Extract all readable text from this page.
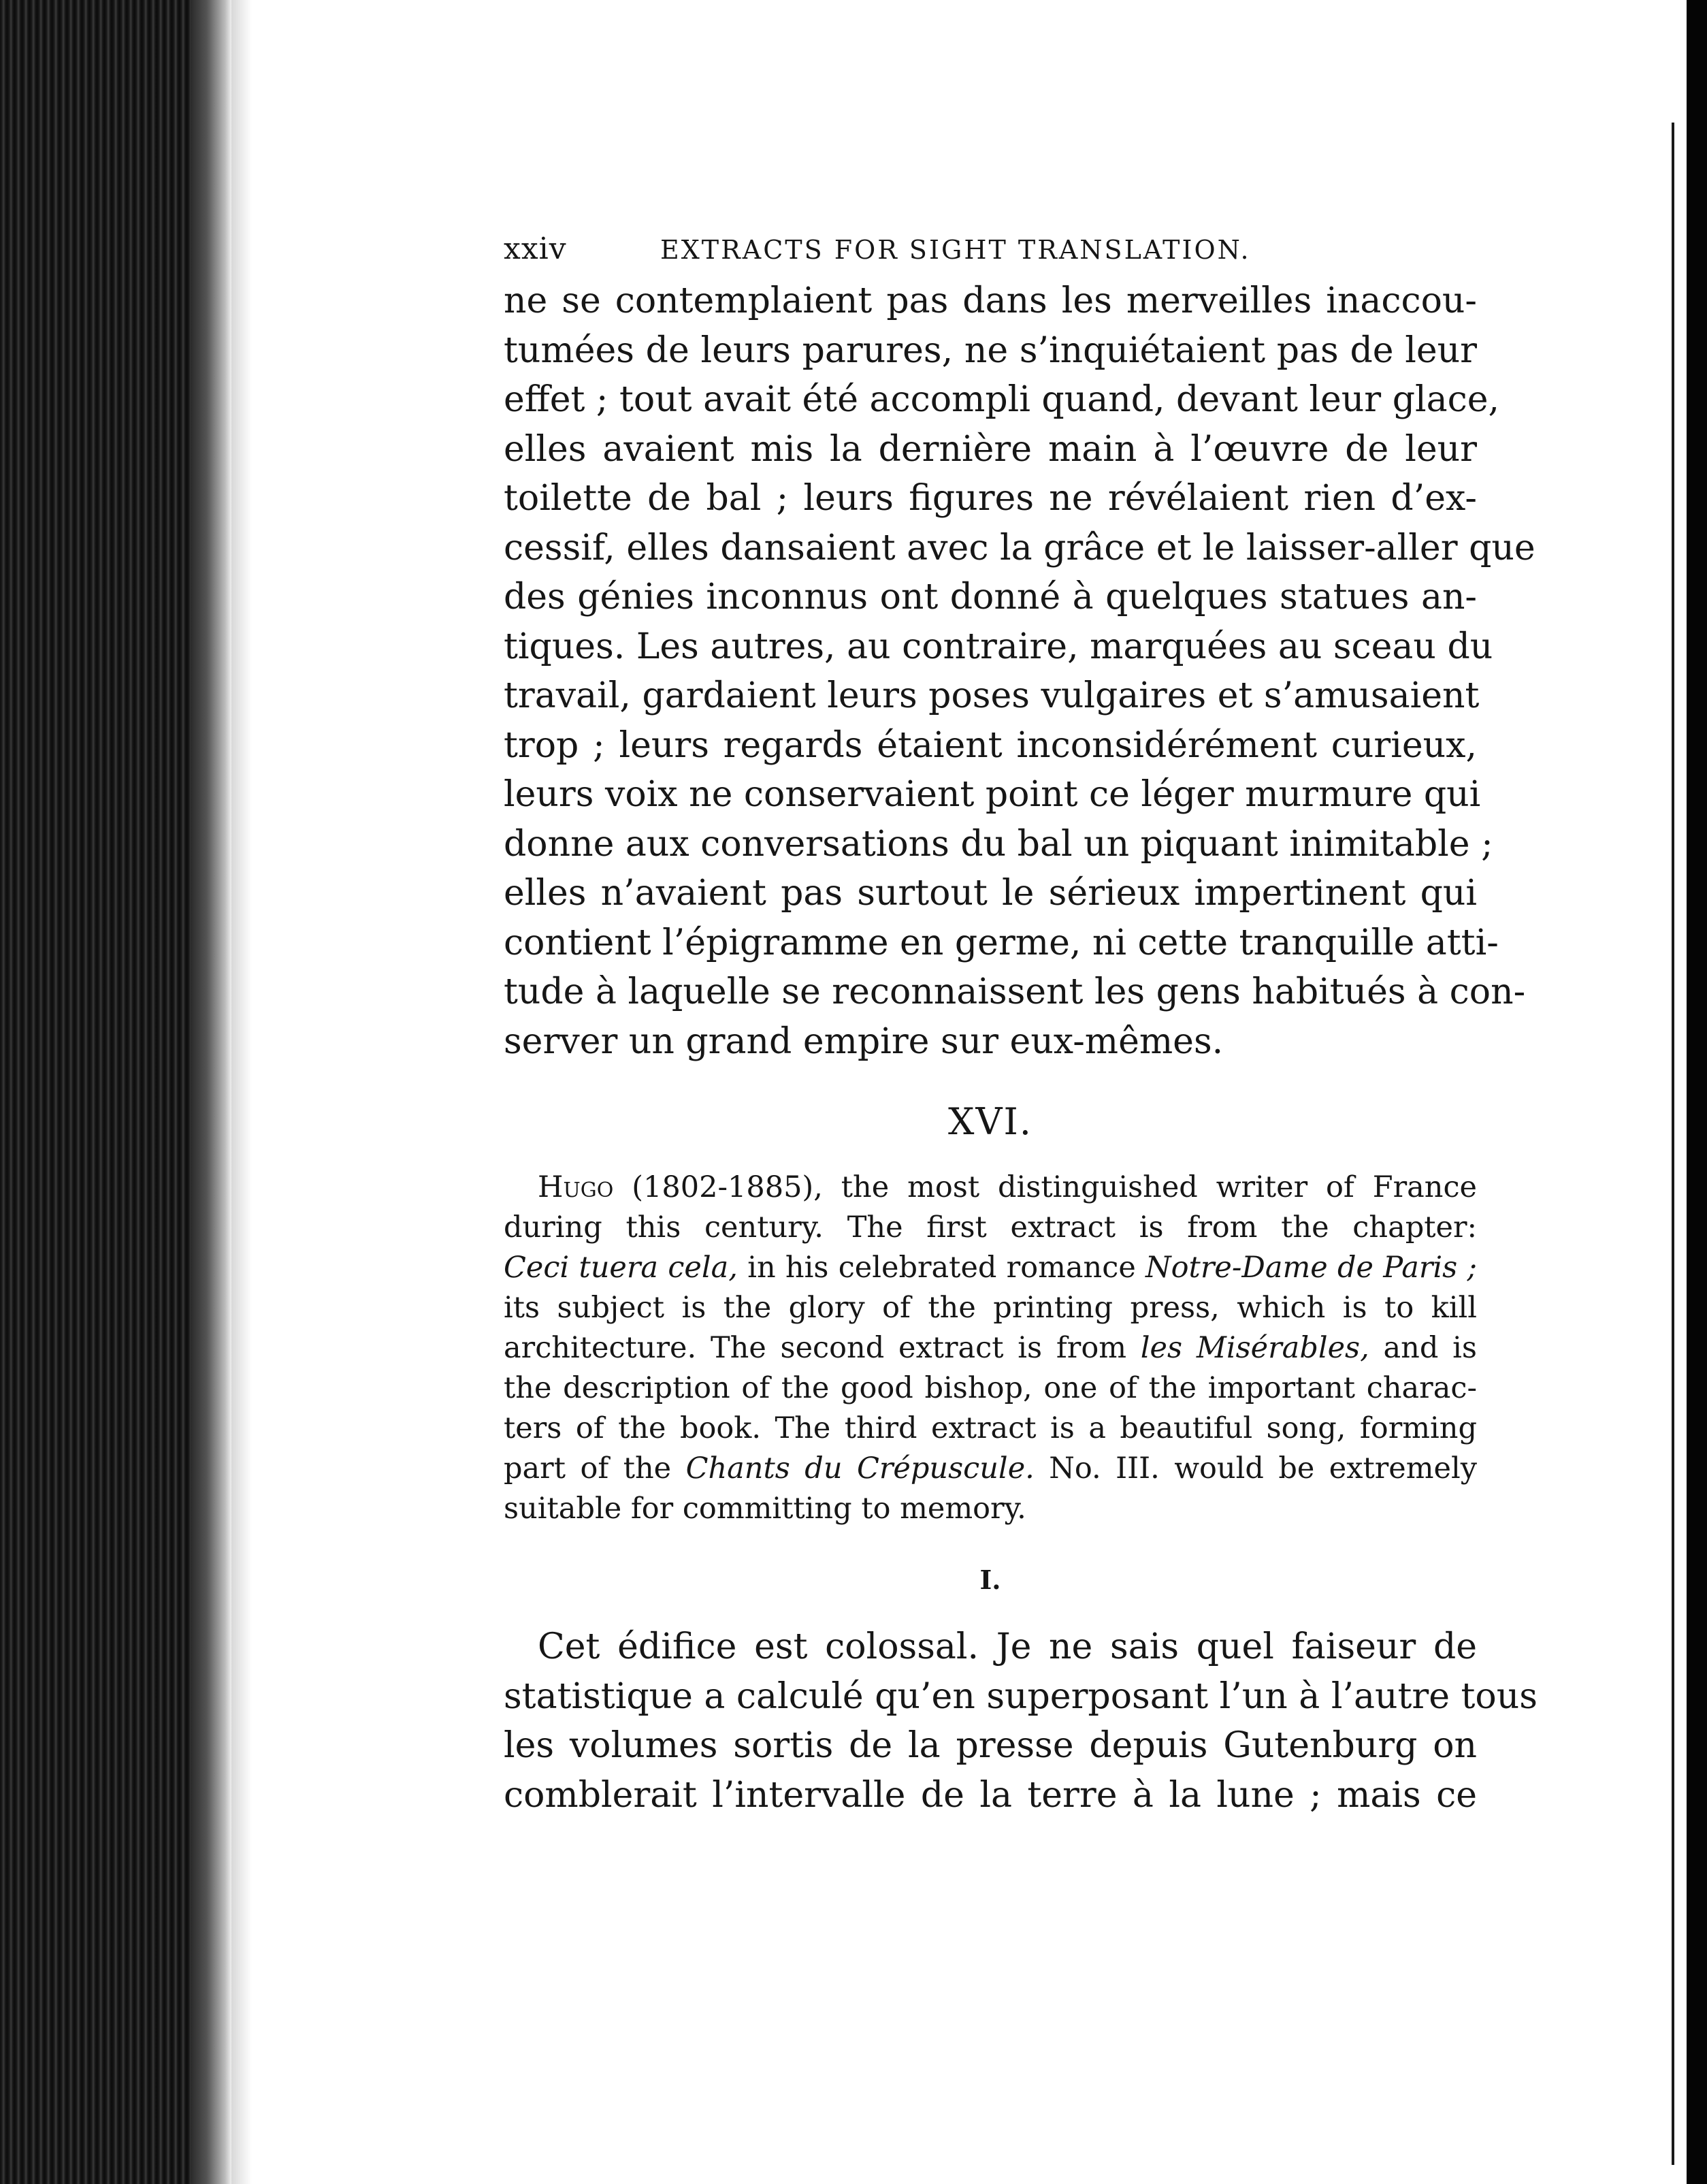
xxiv	EXTRACTS FOR SIGHT TRANSLATION.
ne se contemplaient pas dans les merveilles inaccou-
tumées de leurs parures, ne s’inquiétaient pas de leur
effet ; tout avait été accompli quand, devant leur glace,
elles avaient mis la dernière main à l’œuvre de leur
toilette de bal ; leurs figures ne révélaient rien d’ex-
cessif, elles dansaient avec la grâce et le laisser-aller que
des génies inconnus ont donné à quelques statues an-
tiques. Les autres, au contraire, marquées au sceau du
travail, gardaient leurs poses vulgaires et s’amusaient
trop ; leurs regards étaient inconsidérément curieux,
leurs voix ne conservaient point ce léger murmure qui
donne aux conversations du bal un piquant inimitable ;
elles n’avaient pas surtout le sérieux impertinent qui
contient l’épigramme en germe, ni cette tranquille atti-
tude à laquelle se reconnaissent les gens habitués à con-
server un grand empire sur eux-mêmes.
XVI.
Hugo (1802-1885), the most distinguished writer of France
during this century. The first extract is from the chapter:
Ceci tuera cela, in his celebrated romance Notre-Dame de Paris ;
its subject is the glory of the printing press, which is to kill
architecture. The second extract is from les Misérables, and is
the description of the good bishop, one of the important charac-
ters of the book. The third extract is a beautiful song, forming
part of the Chants du Crépuscule. No. III. would be extremely
suitable for committing to memory.
I.
Cet édifice est colossal. Je ne sais quel faiseur de
statistique a calculé qu’en superposant l’un à l’autre tous
les volumes sortis de la presse depuis Gutenburg on
comblerait l’intervalle de la terre à la lune ; mais ce
